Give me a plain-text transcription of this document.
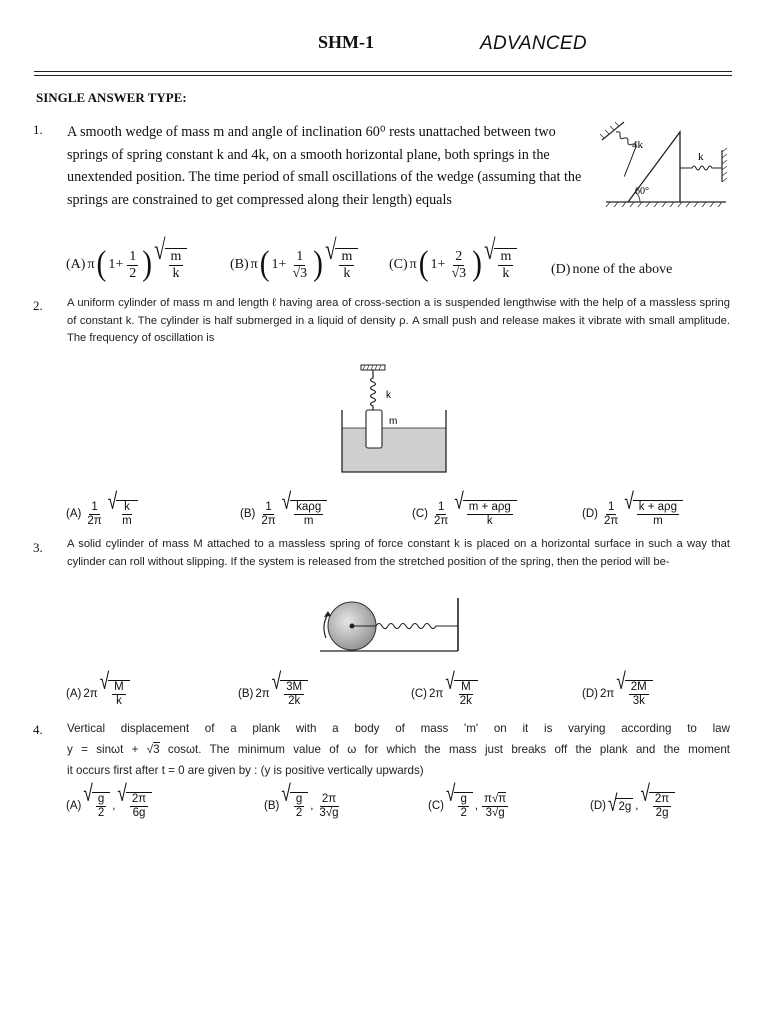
SHM-1	ADVANCED
SINGLE ANSWER TYPE:
1. A smooth wedge of mass m and angle of inclination 60⁰ rests unattached between two springs of spring constant k and 4k, on a smooth horizontal plane, both springs in the unextended position. The time period of small oscillations of the wedge (assuming that the springs are constrained to get compressed along their length) equals	60°
4k
k
(A) π ( $1+ \frac{1}{2}$ ) √ $\frac{m}{k}$	(B) π ( $1+ \frac{1}{√3}$ ) √ $\frac{m}{k} (C)$ π ( $1+ \frac{2}{√3}$ ) √ $\frac{m}{k}$	(D) none of the above
2. A uniform cylinder of mass m and length ℓ having area of cross-section a is suspended lengthwise with the help of a massless spring of constant k. The cylinder is half submerged in a liquid of density ρ. A small push and release makes it vibrate with small amplitude. The frequency of oscillation is
k
m
$(A) \frac{1}{2\pi}$ √
$\frac{k}{m}$	$(B) \frac{1}{2\pi}$ √
$\frac{\text{kaρg}}{m}$	$(C) \frac{1}{2\pi}$ √
$\frac{\text{m + aρg}}{k}$	$(D) \frac{1}{2\pi}$ √
$\frac{\text{k + aρg}}{m}$
3. A solid cylinder of mass M attached to a massless spring of force constant k is placed on a horizontal surface in such a way that cylinder can roll without slipping. If the system is released from the stretched position of the spring, then the period will be-
(A) 2π √
$\frac{M}{k}$	(B) 2π √
$\frac{3M}{2k}$	(C) 2π √
$\frac{M}{2k}$	(D) 2π √
$\frac{2M}{3k}$
4. Vertical displacement of a plank with a body of mass 'm' on it is varying according to law
y = sinωt + √3 cosωt. The minimum value of ω for which the mass just breaks off the plank and the moment
it occurs first after t = 0 are given by : (y is positive vertically upwards)
(A) √
$\frac{g}{2}$ , √
$\frac{2\pi}{6g}$	(B) √
$\frac{g}{2}$ , $\frac{2\pi}{3√g}$	(C) √
$\frac{g}{2}$ , $\frac{\pi√\pi}{3√g}$	(D) √ 2g , √
$\frac{2\pi}{2g}$
